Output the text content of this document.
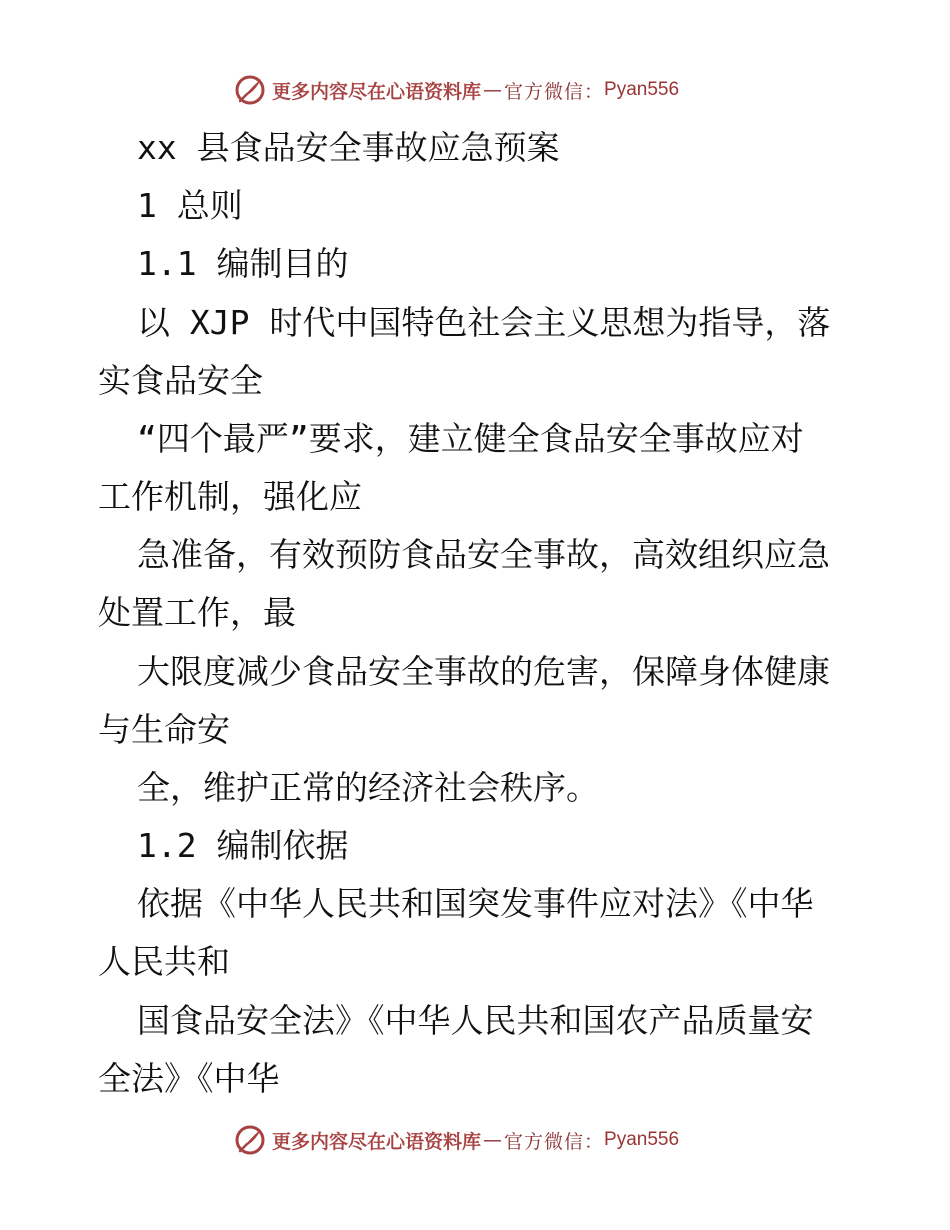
更多内容尽在心语资料库 — 官方微信： Pyan556
xx 县食品安全事故应急预案
1 总则
1.1 编制目的
以 XJP 时代中国特色社会主义思想为指导，落
实食品安全
“四个最严”要求，建立健全食品安全事故应对
工作机制，强化应
急准备，有效预防食品安全事故，高效组织应急
处置工作，最
大限度减少食品安全事故的危害，保障身体健康
与生命安
全，维护正常的经济社会秩序。
1.2 编制依据
依据《中华人民共和国突发事件应对法》《中华
人民共和
国食品安全法》《中华人民共和国农产品质量安
全法》《中华
更多内容尽在心语资料库 — 官方微信： Pyan556
